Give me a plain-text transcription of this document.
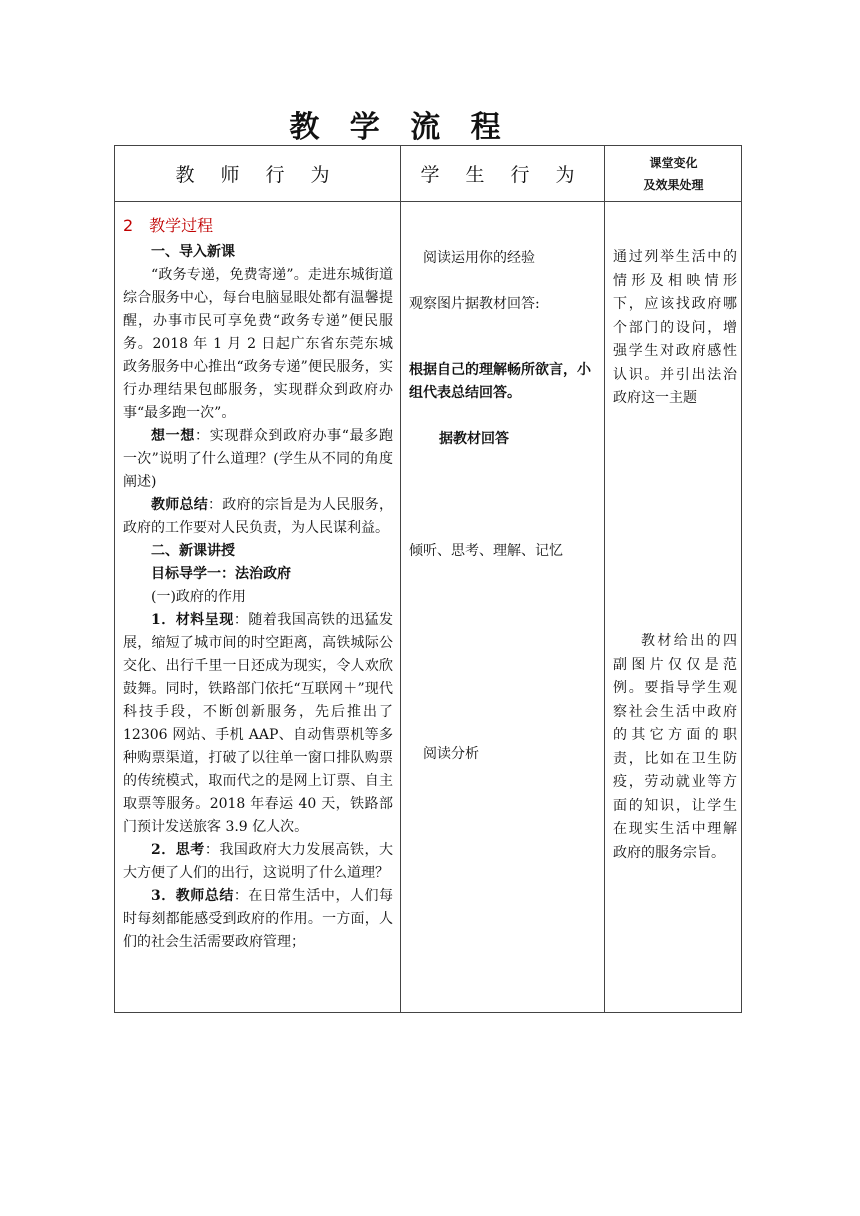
教 学 流 程
教 师 行 为	学 生 行 为
课堂变化
及效果处理

2　教学过程

一、导入新课

“政务专递，免费寄递”。走进东城街道综合服务中心，每台电脑显眼处都有温馨提醒，办事市民可享免费“政务专递”便民服务。2018 年 1 月 2 日起广东省东莞东城政务服务中心推出“政务专递”便民服务，实行办理结果包邮服务，实现群众到政府办事“最多跑一次”。

想一想：实现群众到政府办事“最多跑一次”说明了什么道理？(学生从不同的角度阐述)

教师总结：政府的宗旨是为人民服务，政府的工作要对人民负责，为人民谋利益。

二、新课讲授

目标导学一：法治政府

(一)政府的作用

1．材料呈现：随着我国高铁的迅猛发展，缩短了城市间的时空距离，高铁城际公交化、出行千里一日还成为现实，令人欢欣鼓舞。同时，铁路部门依托“互联网＋”现代科技手段，不断创新服务，先后推出了 12306 网站、手机 AAP、自动售票机等多种购票渠道，打破了以往单一窗口排队购票的传统模式，取而代之的是网上订票、自主取票等服务。2018 年春运 40 天，铁路部门预计发送旅客 3.9 亿人次。

2．思考：我国政府大力发展高铁，大大方便了人们的出行，这说明了什么道理？

3．教师总结：在日常生活中，人们每时每刻都能感受到政府的作用。一方面，人们的社会生活需要政府管理；

阅读运用你的经验
观察图片据教材回答:
根据自己的理解畅所欲言，小组代表总结回答。
据教材回答
倾听、思考、理解、记忆
阅读分析
通过列举生活中的情形及相映情形下，应该找政府哪个部门的设问，增强学生对政府感性认识。并引出法治政府这一主题
教材给出的四副图片仅仅是范例。要指导学生观察社会生活中政府的其它方面的职责，比如在卫生防疫，劳动就业等方面的知识，让学生在现实生活中理解政府的服务宗旨。
